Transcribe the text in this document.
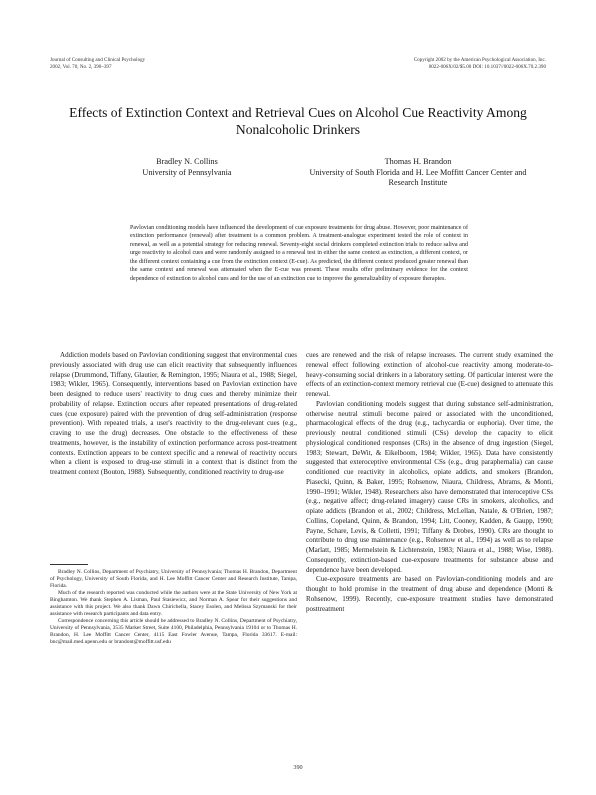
Journal of Consulting and Clinical Psychology
2002, Vol. 70, No. 2, 390–397
Copyright 2002 by the American Psychological Association, Inc.
0022-006X/02/$5.00 DOI: 10.1037//0022-006X.70.2.390
Effects of Extinction Context and Retrieval Cues on Alcohol Cue Reactivity Among Nonalcoholic Drinkers
Bradley N. Collins
University of Pennsylvania
Thomas H. Brandon
University of South Florida and H. Lee Moffitt Cancer Center and Research Institute
Pavlovian conditioning models have influenced the development of cue exposure treatments for drug abuse. However, poor maintenance of extinction performance (renewal) after treatment is a common problem. A treatment-analogue experiment tested the role of context in renewal, as well as a potential strategy for reducing renewal. Seventy-eight social drinkers completed extinction trials to reduce saliva and urge reactivity to alcohol cues and were randomly assigned to a renewal test in either the same context as extinction, a different context, or the different context containing a cue from the extinction context (E-cue). As predicted, the different context produced greater renewal than the same context and renewal was attenuated when the E-cue was present. These results offer preliminary evidence for the context dependence of extinction to alcohol cues and for the use of an extinction cue to improve the generalizability of exposure therapies.

Addiction models based on Pavlovian conditioning suggest that environmental cues previously associated with drug use can elicit reactivity that subsequently influences relapse (Drummond, Tiffany, Glautier, & Remington, 1995; Niaura et al., 1988; Siegel, 1983; Wikler, 1965). Consequently, interventions based on Pavlovian extinction have been designed to reduce users' reactivity to drug cues and thereby minimize their probability of relapse. Extinction occurs after repeated presentations of drug-related cues (cue exposure) paired with the prevention of drug self-administration (response prevention). With repeated trials, a user's reactivity to the drug-relevant cues (e.g., craving to use the drug) decreases. One obstacle to the effectiveness of these treatments, however, is the instability of extinction performance across post-treatment contexts. Extinction appears to be context specific and a renewal of reactivity occurs when a client is exposed to drug-use stimuli in a context that is distinct from the treatment context (Bouton, 1988). Subsequently, conditioned reactivity to drug-use

Bradley N. Collins, Department of Psychiatry, University of Pennsylvania; Thomas H. Brandon, Department of Psychology, University of South Florida, and H. Lee Moffitt Cancer Center and Research Institute, Tampa, Florida.

Much of the research reported was conducted while the authors were at the State University of New York at Binghamton. We thank Stephen A. Lisman, Paul Stasiewicz, and Norman A. Spear for their suggestions and assistance with this project. We also thank Dawn Chirichella, Stacey Esolen, and Melissa Szymanski for their assistance with research participants and data entry.

Correspondence concerning this article should be addressed to Bradley N. Collins, Department of Psychiatry, University of Pennsylvania, 3535 Market Street, Suite 4100, Philadelphia, Pennsylvania 19104 or to Thomas H. Brandon, H. Lee Moffitt Cancer Center, 4115 East Fowler Avenue, Tampa, Florida 33617. E-mail: bnc@mail.med.upenn.edu or brandont@moffitt.usf.edu

cues are renewed and the risk of relapse increases. The current study examined the renewal effect following extinction of alcohol-cue reactivity among moderate-to-heavy-consuming social drinkers in a laboratory setting. Of particular interest were the effects of an extinction-context memory retrieval cue (E-cue) designed to attenuate this renewal.

Pavlovian conditioning models suggest that during substance self-administration, otherwise neutral stimuli become paired or associated with the unconditioned, pharmacological effects of the drug (e.g., tachycardia or euphoria). Over time, the previously neutral conditioned stimuli (CSs) develop the capacity to elicit physiological conditioned responses (CRs) in the absence of drug ingestion (Siegel, 1983; Stewart, DeWit, & Eikelboom, 1984; Wikler, 1965). Data have consistently suggested that exteroceptive environmental CSs (e.g., drug paraphernalia) can cause conditioned cue reactivity in alcoholics, opiate addicts, and smokers (Brandon, Piasecki, Quinn, & Baker, 1995; Rohsenow, Niaura, Childress, Abrams, & Monti, 1990–1991; Wikler, 1948). Researchers also have demonstrated that interoceptive CSs (e.g., negative affect; drug-related imagery) cause CRs in smokers, alcoholics, and opiate addicts (Brandon et al., 2002; Childress, McLellan, Natale, & O'Brien, 1987; Collins, Copeland, Quinn, & Brandon, 1994; Litt, Cooney, Kadden, & Gaupp, 1990; Payne, Schare, Levis, & Colletti, 1991; Tiffany & Drobes, 1990). CRs are thought to contribute to drug use maintenance (e.g., Rohsenow et al., 1994) as well as to relapse (Marlatt, 1985; Mermelstein & Lichtenstein, 1983; Niaura et al., 1988; Wise, 1988). Consequently, extinction-based cue-exposure treatments for substance abuse and dependence have been developed.

Cue-exposure treatments are based on Pavlovian-conditioning models and are thought to hold promise in the treatment of drug abuse and dependence (Monti & Rohsenow, 1999). Recently, cue-exposure treatment studies have demonstrated posttreatment

390
